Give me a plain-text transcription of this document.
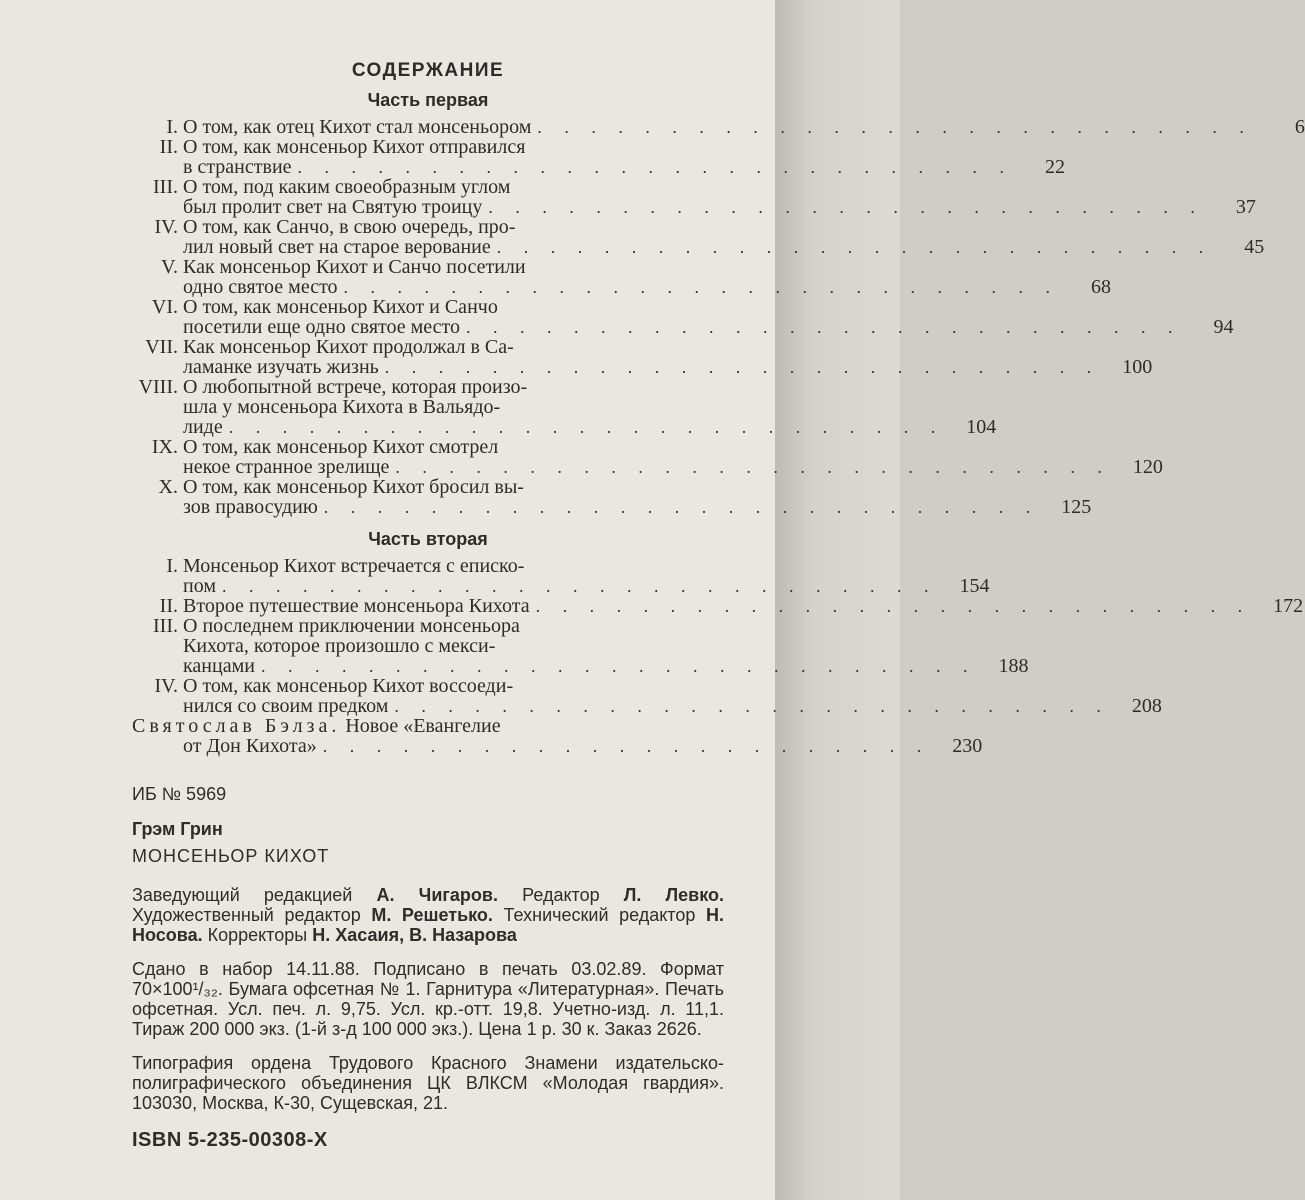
СОДЕРЖАНИЕ
Часть первая
I. О том, как отец Кихот стал монсеньором . . . . . . . . . . . . . . . . . . . . . . . . . . .	6
II. О том, как монсеньор Кихот отправился
в странствие . . . . . . . . . . . . . . . . . . . . . . . . . . .	22
III. О том, под каким своеобразным углом
был пролит свет на Святую троицу . . . . . . . . . . . . . . . . . . . . . . . . . . .	37
IV. О том, как Санчо, в свою очередь, про-
лил новый свет на старое верование . . . . . . . . . . . . . . . . . . . . . . . . . . .	45
V. Как монсеньор Кихот и Санчо посетили
одно святое место . . . . . . . . . . . . . . . . . . . . . . . . . . .	68
VI. О том, как монсеньор Кихот и Санчо
посетили еще одно святое место . . . . . . . . . . . . . . . . . . . . . . . . . . .	94
VII. Как монсеньор Кихот продолжал в Са-
ламанке изучать жизнь . . . . . . . . . . . . . . . . . . . . . . . . . . .	100
VIII. О любопытной встрече, которая произо-
шла у монсеньора Кихота в Вальядо-
лиде . . . . . . . . . . . . . . . . . . . . . . . . . . .	104
IX. О том, как монсеньор Кихот смотрел
некое странное зрелище . . . . . . . . . . . . . . . . . . . . . . . . . . .	120
X. О том, как монсеньор Кихот бросил вы-
зов правосудию . . . . . . . . . . . . . . . . . . . . . . . . . . .	125
Часть вторая
I. Монсеньор Кихот встречается с еписко-
пом . . . . . . . . . . . . . . . . . . . . . . . . . . .	154
II. Второе путешествие монсеньора Кихота . . . . . . . . . . . . . . . . . . . . . . . . . . .	172
III. О последнем приключении монсеньора
Кихота, которое произошло с мекси-
канцами . . . . . . . . . . . . . . . . . . . . . . . . . . .	188
IV. О том, как монсеньор Кихот воссоеди-
нился со своим предком . . . . . . . . . . . . . . . . . . . . . . . . . . .	208
Святослав Бэлза. Новое «Евангелие
от Дон Кихота» . . . . . . . . . . . . . . . . . . . . . . .	230
ИБ № 5969
Грэм Грин
МОНСЕНЬОР КИХОТ
Заведующий редакцией А. Чигаров. Редактор Л. Левко. Художественный редактор М. Решетько. Технический редактор Н. Носова. Корректоры Н. Хасаия, В. Назарова
Сдано в набор 14.11.88. Подписано в печать 03.02.89. Формат 70×100¹/₃₂. Бумага офсетная № 1. Гарнитура «Литературная». Печать офсетная. Усл. печ. л. 9,75. Усл. кр.-отт. 19,8. Учетно-изд. л. 11,1. Тираж 200 000 экз. (1-й з-д 100 000 экз.). Цена 1 р. 30 к. Заказ 2626.
Типография ордена Трудового Красного Знамени издательско-полиграфического объединения ЦК ВЛКСМ «Молодая гвардия». 103030, Москва, К-30, Сущевская, 21.
ISBN 5-235-00308-X
